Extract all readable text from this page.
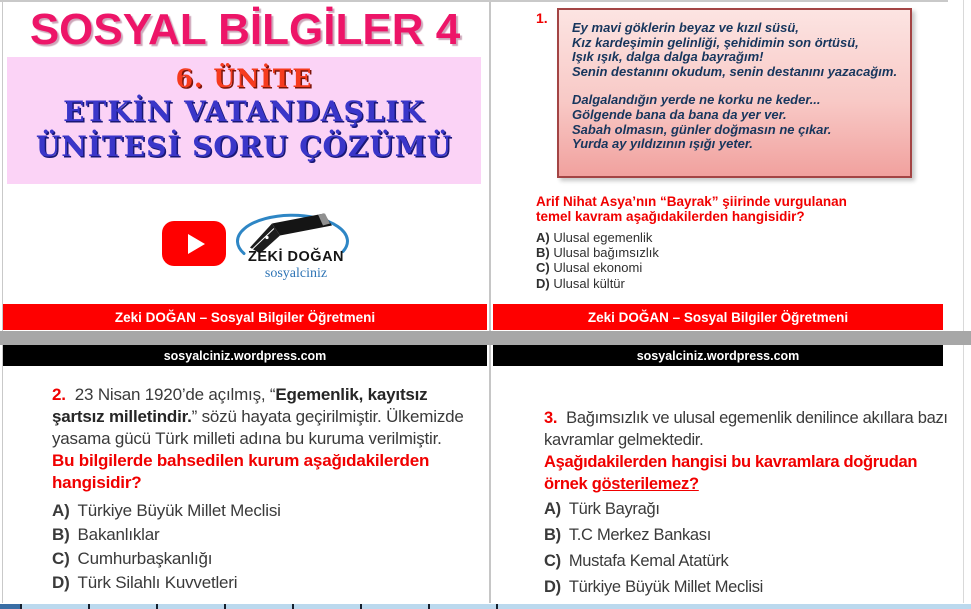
SOSYAL BİLGİLER 4
6. ÜNİTE
ETKİN VATANDAŞLIK
ÜNİTESİ SORU ÇÖZÜMÜ
ZEKİ DOĞAN
sosyalciniz
Zeki DOĞAN – Sosyal Bilgiler Öğretmeni	Zeki DOĞAN – Sosyal Bilgiler Öğretmeni
sosyalciniz.wordpress.com	sosyalciniz.wordpress.com
1.
Ey mavi göklerin beyaz ve kızıl süsü,
Kız kardeşimin gelinliği, şehidimin son örtüsü,
Işık ışık, dalga dalga bayrağım!
Senin destanını okudum, senin destanını yazacağım.
Dalgalandığın yerde ne korku ne keder...
Gölgende bana da bana da yer ver.
Sabah olmasın, günler doğmasın ne çıkar.
Yurda ay yıldızının ışığı yeter.
Arif Nihat Asya’nın “Bayrak” şiirinde vurgulanan temel kavram aşağıdakilerden hangisidir?
A) Ulusal egemenlik
B) Ulusal bağımsızlık
C) Ulusal ekonomi
D) Ulusal kültür
2. 23 Nisan 1920’de açılmış, “Egemenlik, kayıtsız şartsız milletindir.” sözü hayata geçirilmiştir. Ülkemizde yasama gücü Türk milleti adına bu kuruma verilmiştir.
Bu bilgilerde bahsedilen kurum aşağıdakilerden hangisidir?
A) Türkiye Büyük Millet Meclisi
B) Bakanlıklar
C) Cumhurbaşkanlığı
D) Türk Silahlı Kuvvetleri
3. Bağımsızlık ve ulusal egemenlik denilince akıllara bazı kavramlar gelmektedir.
Aşağıdakilerden hangisi bu kavramlara doğrudan örnek gösterilemez?
A) Türk Bayrağı
B) T.C Merkez Bankası
C) Mustafa Kemal Atatürk
D) Türkiye Büyük Millet Meclisi
